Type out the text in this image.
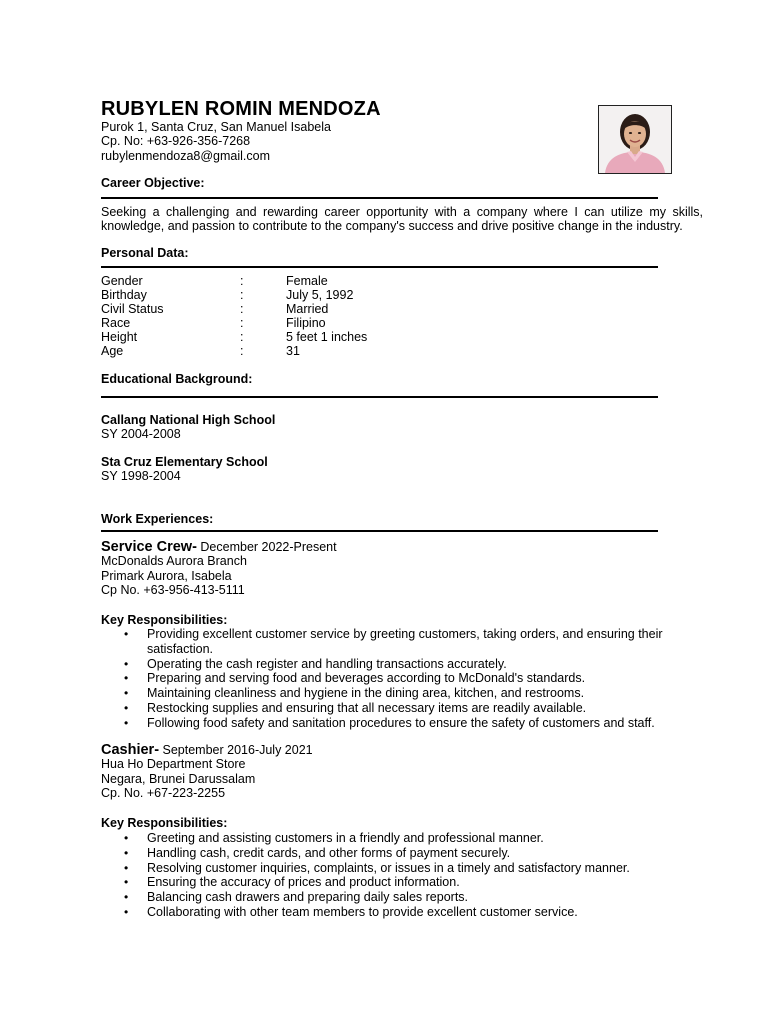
RUBYLEN ROMIN MENDOZA
Purok 1, Santa Cruz, San Manuel Isabela
Cp. No: +63-926-356-7268
rubylenmendoza8@gmail.com
Career Objective:
Seeking a challenging and rewarding career opportunity with a company where I can utilize my skills, knowledge, and passion to contribute to the company's success and drive positive change in the industry.
Personal Data:
Gender	:	Female
Birthday	:	July 5, 1992
Civil Status	:	Married
Race	:	Filipino
Height	:	5 feet 1 inches
Age	:	31
Educational Background:
Callang National High School
SY 2004-2008
Sta Cruz Elementary School
SY 1998-2004
Work Experiences:
Service Crew- December 2022-Present
McDonalds Aurora Branch
Primark Aurora, Isabela
Cp No. +63-956-413-5111
Key Responsibilities:
• Providing excellent customer service by greeting customers, taking orders, and ensuring their satisfaction.
• Operating the cash register and handling transactions accurately.
• Preparing and serving food and beverages according to McDonald's standards.
• Maintaining cleanliness and hygiene in the dining area, kitchen, and restrooms.
• Restocking supplies and ensuring that all necessary items are readily available.
• Following food safety and sanitation procedures to ensure the safety of customers and staff.
Cashier- September 2016-July 2021
Hua Ho Department Store
Negara, Brunei Darussalam
Cp. No. +67-223-2255
Key Responsibilities:
• Greeting and assisting customers in a friendly and professional manner.
• Handling cash, credit cards, and other forms of payment securely.
• Resolving customer inquiries, complaints, or issues in a timely and satisfactory manner.
• Ensuring the accuracy of prices and product information.
• Balancing cash drawers and preparing daily sales reports.
• Collaborating with other team members to provide excellent customer service.
